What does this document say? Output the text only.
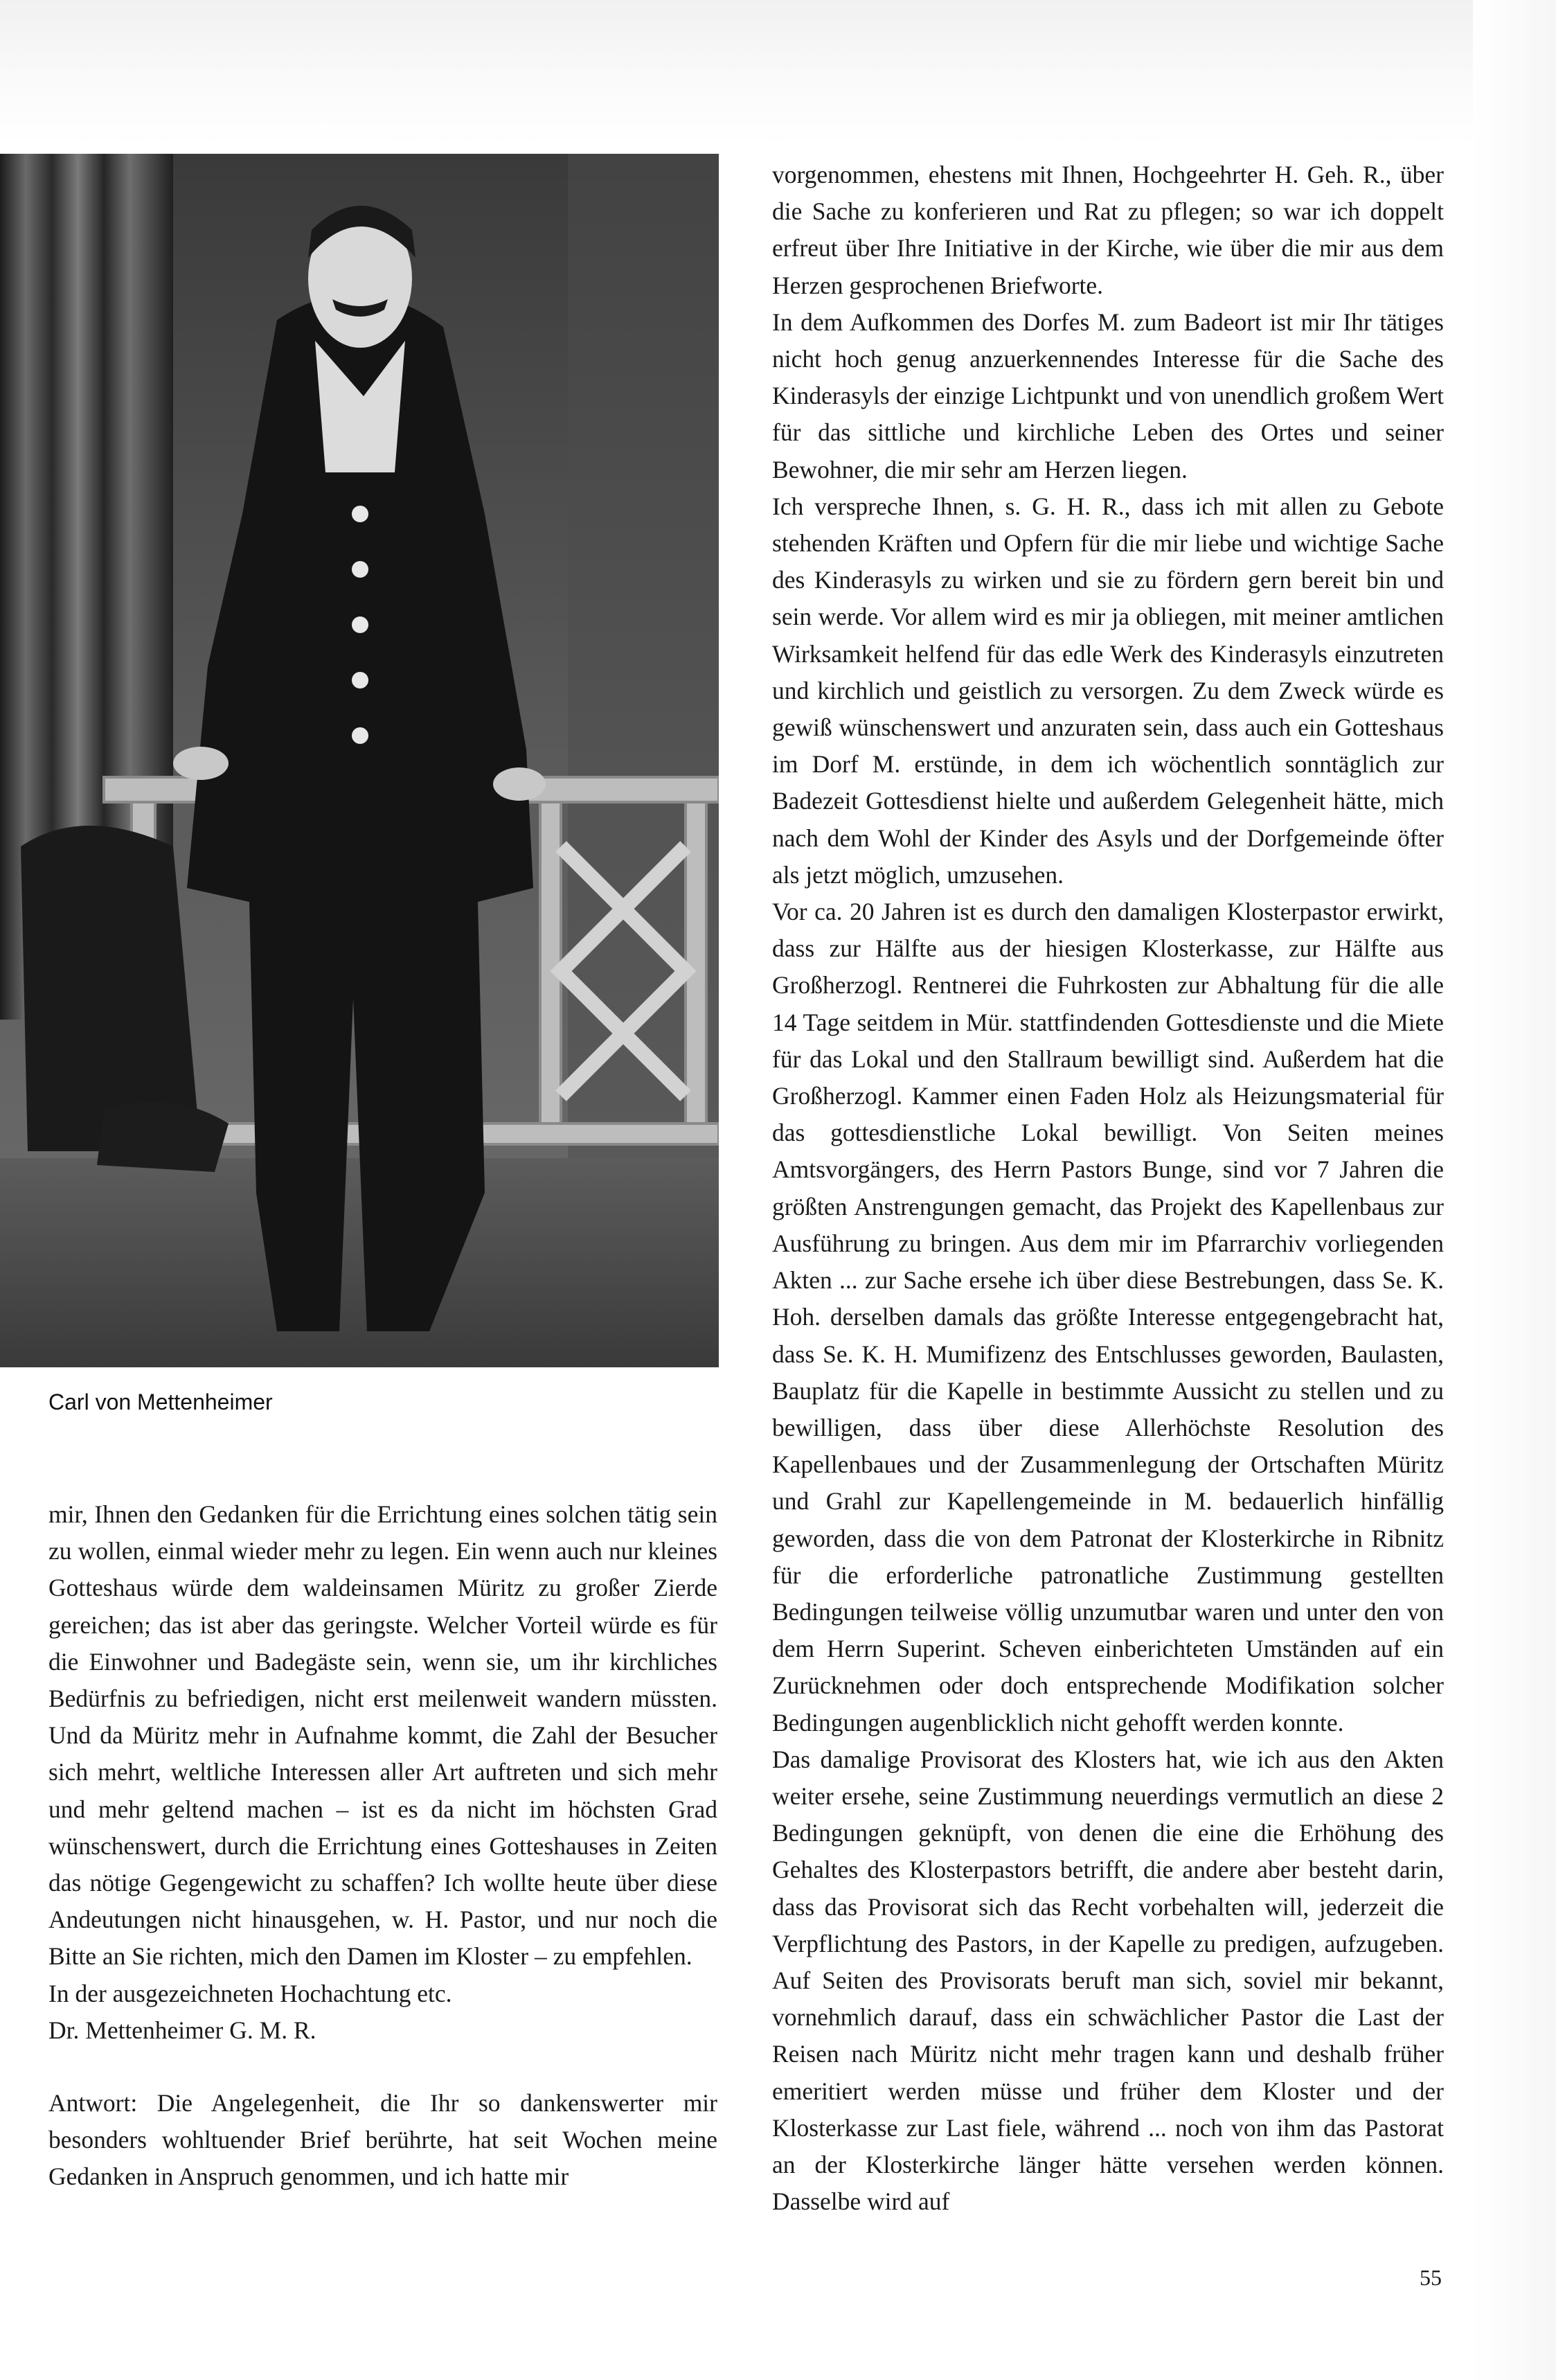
Carl von Mettenheimer

mir, Ihnen den Gedanken für die Errichtung eines solchen tätig sein zu wollen, einmal wieder mehr zu legen. Ein wenn auch nur kleines Gotteshaus würde dem waldeinsamen Müritz zu großer Zierde gereichen; das ist aber das geringste. Welcher Vorteil würde es für die Einwohner und Badegäste sein, wenn sie, um ihr kirchliches Bedürfnis zu befriedigen, nicht erst meilenweit wandern müssten. Und da Müritz mehr in Aufnahme kommt, die Zahl der Besucher sich mehrt, weltliche Interessen aller Art auftreten und sich mehr und mehr geltend machen – ist es da nicht im höchsten Grad wünschenswert, durch die Errichtung eines Gotteshauses in Zeiten das nötige Gegengewicht zu schaffen? Ich wollte heute über diese Andeutungen nicht hinausgehen, w. H. Pastor, und nur noch die Bitte an Sie richten, mich den Damen im Kloster – zu empfehlen.

In der ausgezeichneten Hochachtung etc.

Dr. Mettenheimer G. M. R.

Antwort: Die Angelegenheit, die Ihr so dankenswerter mir besonders wohltuender Brief berührte, hat seit Wochen meine Gedanken in Anspruch genommen, und ich hatte mir

vorgenommen, ehestens mit Ihnen, Hochgeehrter H. Geh. R., über die Sache zu konferieren und Rat zu pflegen; so war ich doppelt erfreut über Ihre Initiative in der Kirche, wie über die mir aus dem Herzen gesprochenen Briefworte.

In dem Aufkommen des Dorfes M. zum Badeort ist mir Ihr tätiges nicht hoch genug anzuerkennendes Interesse für die Sache des Kinderasyls der einzige Lichtpunkt und von unendlich großem Wert für das sittliche und kirchliche Leben des Ortes und seiner Bewohner, die mir sehr am Herzen liegen.

Ich verspreche Ihnen, s. G. H. R., dass ich mit allen zu Gebote stehenden Kräften und Opfern für die mir liebe und wichtige Sache des Kinderasyls zu wirken und sie zu fördern gern bereit bin und sein werde. Vor allem wird es mir ja obliegen, mit meiner amtlichen Wirksamkeit helfend für das edle Werk des Kinderasyls einzutreten und kirchlich und geistlich zu versorgen. Zu dem Zweck würde es gewiß wünschenswert und anzuraten sein, dass auch ein Gotteshaus im Dorf M. erstünde, in dem ich wöchentlich sonntäglich zur Badezeit Gottesdienst hielte und außerdem Gelegenheit hätte, mich nach dem Wohl der Kinder des Asyls und der Dorfgemeinde öfter als jetzt möglich, umzusehen.

Vor ca. 20 Jahren ist es durch den damaligen Klosterpastor erwirkt, dass zur Hälfte aus der hiesigen Klosterkasse, zur Hälfte aus Großherzogl. Rentnerei die Fuhrkosten zur Abhaltung für die alle 14 Tage seitdem in Mür. stattfindenden Gottesdienste und die Miete für das Lokal und den Stallraum bewilligt sind. Außerdem hat die Großherzogl. Kammer einen Faden Holz als Heizungsmaterial für das gottesdienstliche Lokal bewilligt. Von Seiten meines Amtsvorgängers, des Herrn Pastors Bunge, sind vor 7 Jahren die größten Anstrengungen gemacht, das Projekt des Kapellenbaus zur Ausführung zu bringen. Aus dem mir im Pfarrarchiv vorliegenden Akten ... zur Sache ersehe ich über diese Bestrebungen, dass Se. K. Hoh. derselben damals das größte Interesse entgegengebracht hat, dass Se. K. H. Mumifizenz des Entschlusses geworden, Baulasten, Bauplatz für die Kapelle in bestimmte Aussicht zu stellen und zu bewilligen, dass über diese Allerhöchste Resolution des Kapellenbaues und der Zusammenlegung der Ortschaften Müritz und Grahl zur Kapellengemeinde in M. bedauerlich hinfällig geworden, dass die von dem Patronat der Klosterkirche in Ribnitz für die erforderliche patronatliche Zustimmung gestellten Bedingungen teilweise völlig unzumutbar waren und unter den von dem Herrn Superint. Scheven einberichteten Umständen auf ein Zurücknehmen oder doch entsprechende Modifikation solcher Bedingungen augenblicklich nicht gehofft werden konnte.

Das damalige Provisorat des Klosters hat, wie ich aus den Akten weiter ersehe, seine Zustimmung neuerdings vermutlich an diese 2 Bedingungen geknüpft, von denen die eine die Erhöhung des Gehaltes des Klosterpastors betrifft, die andere aber besteht darin, dass das Provisorat sich das Recht vorbehalten will, jederzeit die Verpflichtung des Pastors, in der Kapelle zu predigen, aufzugeben. Auf Seiten des Provisorats beruft man sich, soviel mir bekannt, vornehmlich darauf, dass ein schwächlicher Pastor die Last der Reisen nach Müritz nicht mehr tragen kann und deshalb früher emeritiert werden müsse und früher dem Kloster und der Klosterkasse zur Last fiele, während ... noch von ihm das Pastorat an der Klosterkirche länger hätte versehen werden können. Dasselbe wird auf

55
